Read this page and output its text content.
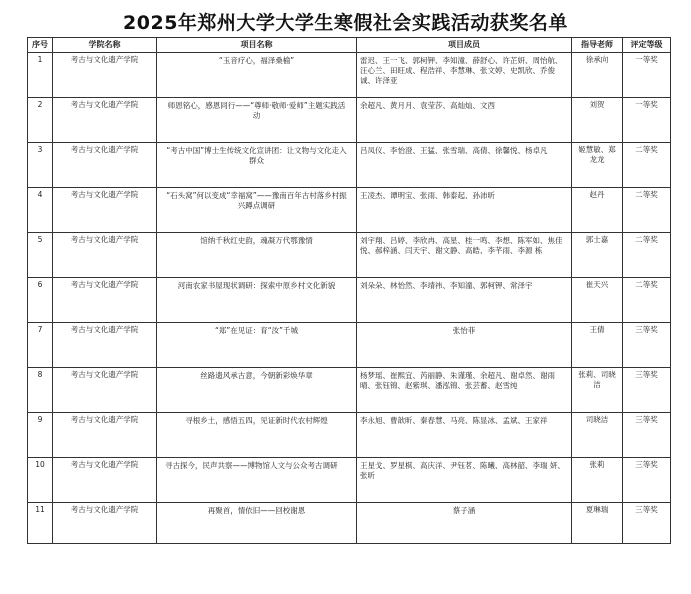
2025年郑州大学大学生寒假社会实践活动获奖名单
序号	学院名称	项目名称	项目成员	指导老师	评定等级
1	考古与文化遗产学院	“玉音疗心，福泽桑榆”	雷迟、王一飞、郭柯钾、李知潼、薛舒心、许芷妍、周怡航、汪心兰、田旺成、程浩祥、李慧琳、张文婷、史凯欣、乔俊诚、许泽亚	徐承向	一等奖
2	考古与文化遗产学院	师恩铭心，感恩同行——“尊师·敬师·爱师”主题实践活动	余超凡、黄月月、袁莹莎、高灿灿、文西	刘贺	一等奖
3	考古与文化遗产学院	“考古中国”博士生传统文化宣讲团：让文物与文化走入群众	吕凤仪、李怡澄、王猛、张雪瑞、高倩、徐馨悦、杨卓凡	姬慧敏、郑龙龙	二等奖
4	考古与文化遗产学院	“石头窝”何以变成“幸福窝”——豫南百年古村落乡村振兴蹲点调研	王凌杰、谭明宝、张雨、韩泰起、孙沛昕	赵丹	二等奖
5	考古与文化遗产学院	馆纳千秋红史韵，魂凝万代鄂豫情	刘宇翔、吕婷、李欣冉、高星、桂一鸣、李想、陈军如、焦佳悦、郝梓涵、闫天宇、谢文静、高皓、李芊雨、李源 栋	郭士嘉	二等奖
6	考古与文化遗产学院	河南农家书屋现状调研：探索中原乡村文化新貌	刘朵朵、林怡然、李靖祎、李知潼、郭柯钾、常泽宇	崔天兴	二等奖
7	考古与文化遗产学院	“郑”在见证：育“汝”千城	张怡菲	王倩	三等奖
8	考古与文化遗产学院	丝路遗风承古意，今朝新彩焕华章	杨梦瑶、崔熙宜、芮丽静、朱谨瑾、余超凡、谢卓然、谢雨晴、张钰锦、赵紫琪、潘泓锦、张芸蓄、赵雪纯	张莉、司晓洁	三等奖
9	考古与文化遗产学院	寻根乡土，感悟五四，见证新时代农村辉煌	李永旭、曹歆昕、秦春慧、马亮、陈显冰、孟斌、王家祥	司晓洁	三等奖
10	考古与文化遗产学院	寻古探今，民声共察——博物馆人文与公众考古调研	王星戈、罗星棋、高庆洋、尹钰茗、陈曦、高林韶、李瑞 妍、张昕	张莉	三等奖
11	考古与文化遗产学院	再聚首，情依旧——回校谢恩	蔡子涵	夏琳瑞	三等奖
